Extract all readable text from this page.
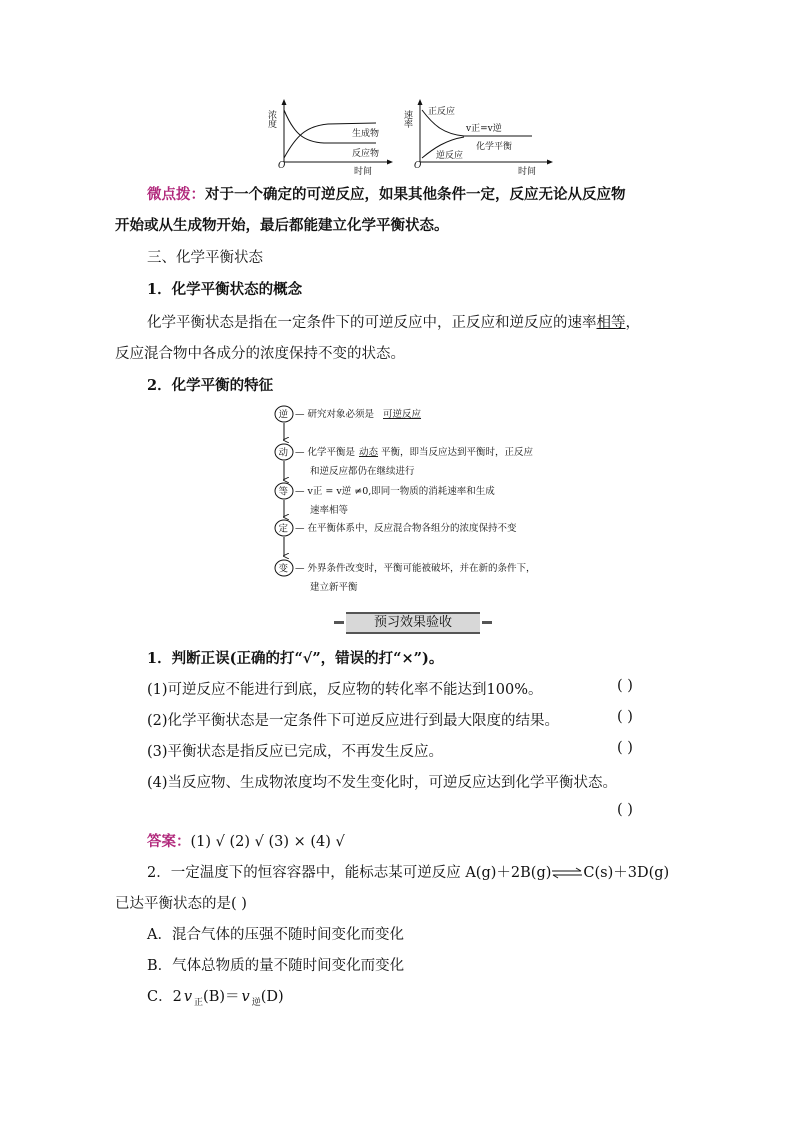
浓度
O
时间
生成物
反应物
速率
O
时间
正反应
逆反应
v正=v逆
化学平衡
微点拨：对于一个确定的可逆反应，如果其他条件一定，反应无论从反应物
开始或从生成物开始，最后都能建立化学平衡状态。
三、化学平衡状态
1．化学平衡状态的概念
化学平衡状态是指在一定条件下的可逆反应中，正反应和逆反应的速率相等，
反应混合物中各成分的浓度保持不变的状态。
2．化学平衡的特征
逆 — 研究对象必须是 可逆反应
动 — 化学平衡是 动态 平衡，即当反应达到平衡时，正反应
和逆反应都仍在继续进行
等 — v正 = v逆 ≠0,即同一物质的消耗速率和生成
速率相等
定 — 在平衡体系中，反应混合物各组分的浓度保持不变
变 — 外界条件改变时，平衡可能被破坏，并在新的条件下，
建立新平衡
预习效果验收
1．判断正误(正确的打“√”，错误的打“×”)。
(1)可逆反应不能进行到底，反应物的转化率不能达到100%。	( )
(2)化学平衡状态是一定条件下可逆反应进行到最大限度的结果。	( )
(3)平衡状态是指反应已完成，不再发生反应。	( )
(4)当反应物、生成物浓度均不发生变化时，可逆反应达到化学平衡状态。
( )
答案：(1) √ (2) √ (3) × (4) √
2．一定温度下的恒容容器中，能标志某可逆反应 A(g)＋2B(g)⇌C(s)＋3D(g)
已达平衡状态的是( )
A．混合气体的压强不随时间变化而变化
B．气体总物质的量不随时间变化而变化
C．2 v $_正$(B)＝ v $_逆$(D)
